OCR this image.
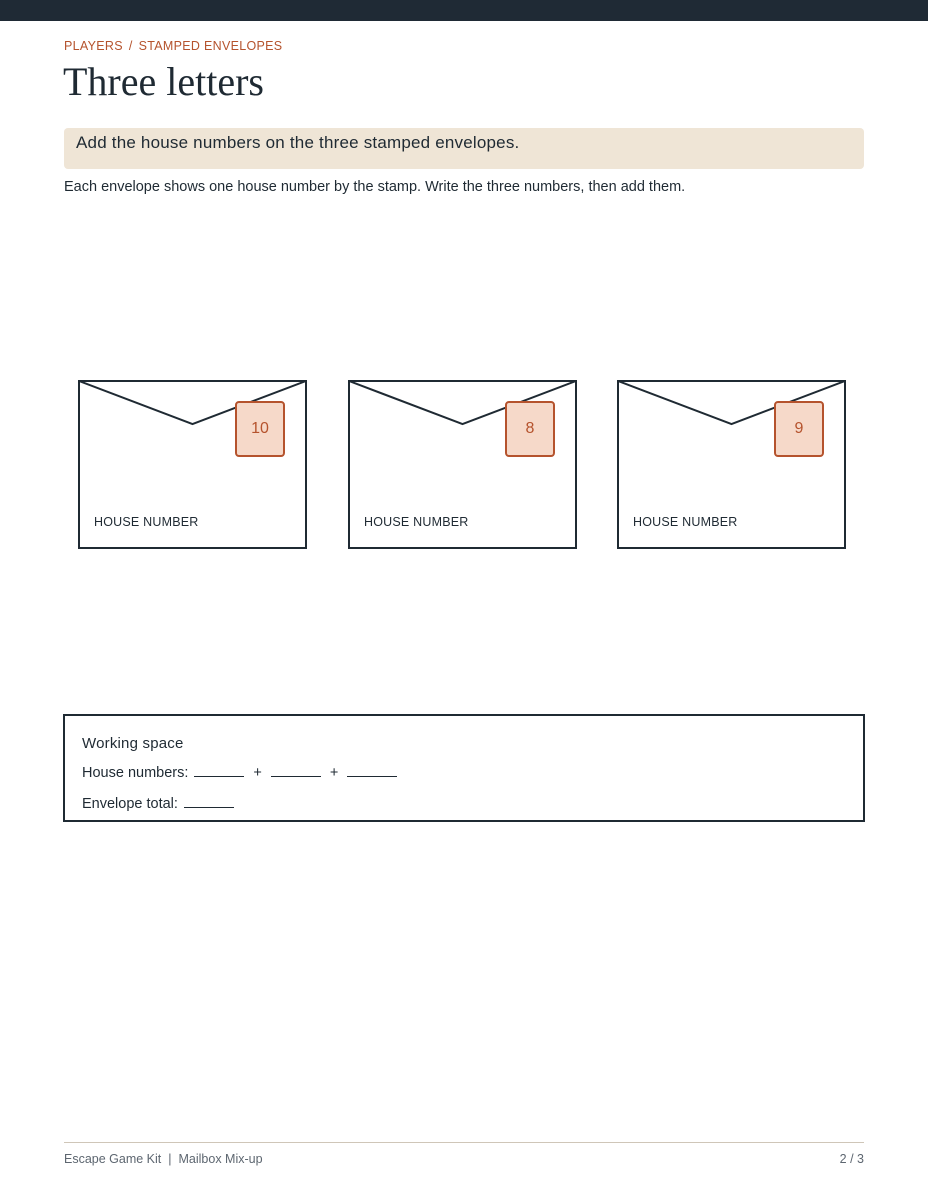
PLAYERS / STAMPED ENVELOPES
Three letters
Add the house numbers on the three stamped envelopes.

Each envelope shows one house number by the stamp. Write the three numbers, then add them.

10
HOUSE NUMBER
8
HOUSE NUMBER
9
HOUSE NUMBER
Working space
House numbers:	+	+
Envelope total:
Escape Game Kit | Mailbox Mix-up	2 / 3
